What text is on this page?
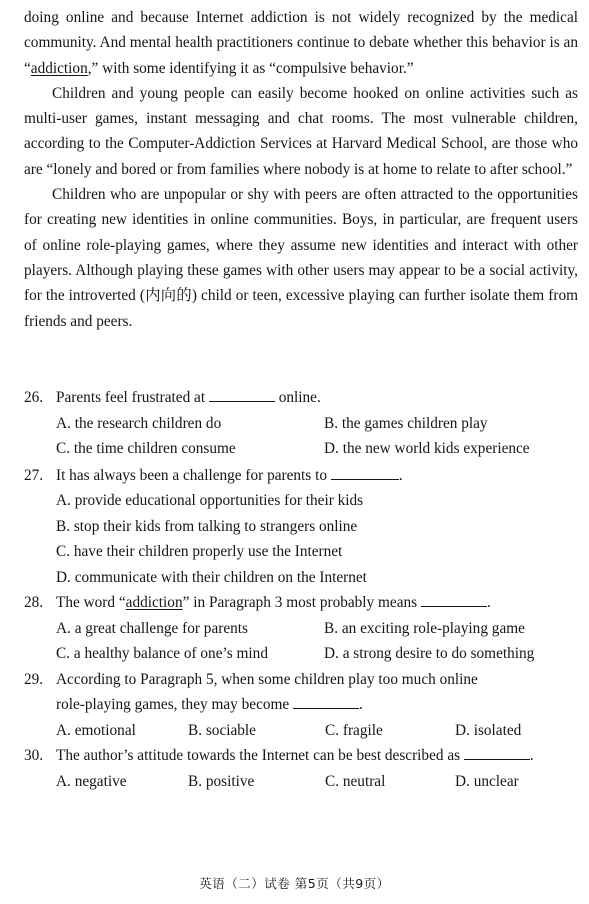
doing online and because Internet addiction is not widely recognized by the medical community. And mental health practitioners continue to debate whether this behavior is an “addiction,” with some identifying it as “compulsive behavior.”

Children and young people can easily become hooked on online activities such as multi-user games, instant messaging and chat rooms. The most vulnerable children, according to the Computer-Addiction Services at Harvard Medical School, are those who are “lonely and bored or from families where nobody is at home to relate to after school.”

Children who are unpopular or shy with peers are often attracted to the opportunities for creating new identities in online communities. Boys, in particular, are frequent users of online role-playing games, where they assume new identities and interact with other players. Although playing these games with other users may appear to be a social activity, for the introverted (内向的) child or teen, excessive playing can further isolate them from friends and peers.

26. Parents feel frustrated at	online.
A. the research children do	B. the games children play
C. the time children consume	D. the new world kids experience
27. It has always been a challenge for parents to	.
A. provide educational opportunities for their kids
B. stop their kids from talking to strangers online
C. have their children properly use the Internet
D. communicate with their children on the Internet
28. The word “addiction” in Paragraph 3 most probably means	.
A. a great challenge for parents	B. an exciting role-playing game
C. a healthy balance of one’s mind	D. a strong desire to do something
29. According to Paragraph 5, when some children play too much online
role-playing games, they may become	.
A. emotional	B. sociable	C. fragile	D. isolated
30. The author’s attitude towards the Internet can be best described as	.
A. negative	B. positive	C. neutral	D. unclear
英语（二）试卷 第5页（共9页）
